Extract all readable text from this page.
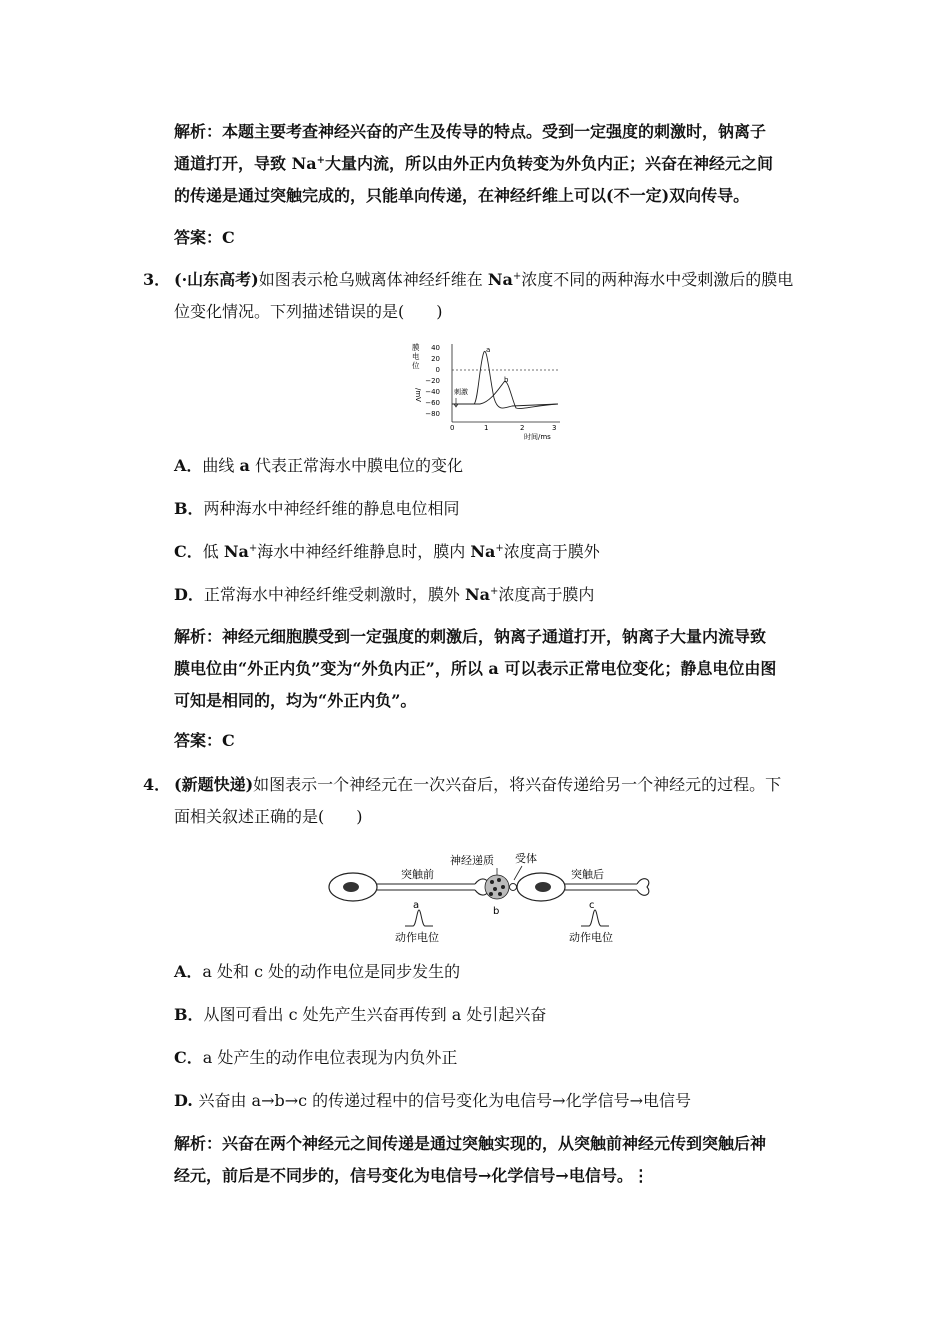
解析：本题主要考查神经兴奋的产生及传导的特点。受到一定强度的刺激时，钠离子
通道打开，导致 Na+大量内流，所以由外正内负转变为外负内正；兴奋在神经元之间
的传递是通过突触完成的，只能单向传递，在神经纤维上可以(不一定)双向传导。
答案：C
3． (·山东高考)如图表示枪乌贼离体神经纤维在 Na+浓度不同的两种海水中受刺激后的膜电
位变化情况。下列描述错误的是(　　)
膜
电
位
/mV
40
20
0
−20
−40
−60
−80
0	1	2	3
时间/ms
a
b
刺激
A．曲线 a 代表正常海水中膜电位的变化
B．两种海水中神经纤维的静息电位相同
C．低 Na+海水中神经纤维静息时，膜内 Na+浓度高于膜外
D．正常海水中神经纤维受刺激时，膜外 Na+浓度高于膜内
解析：神经元细胞膜受到一定强度的刺激后，钠离子通道打开，钠离子大量内流导致
膜电位由“外正内负”变为“外负内正”，所以 a 可以表示正常电位变化；静息电位由图
可知是相同的，均为“外正内负”。
答案：C
4． (新题快递)如图表示一个神经元在一次兴奋后，将兴奋传递给另一个神经元的过程。下
面相关叙述正确的是(　　)
突触前
神经递质
b
受体
突触后
a
动作电位
c
动作电位
A．a 处和 c 处的动作电位是同步发生的
B．从图可看出 c 处先产生兴奋再传到 a 处引起兴奋
C．a 处产生的动作电位表现为内负外正
D. 兴奋由 a→b→c 的传递过程中的信号变化为电信号→化学信号→电信号
解析：兴奋在两个神经元之间传递是通过突触实现的，从突触前神经元传到突触后神
经元，前后是不同步的，信号变化为电信号→化学信号→电信号。⋮
